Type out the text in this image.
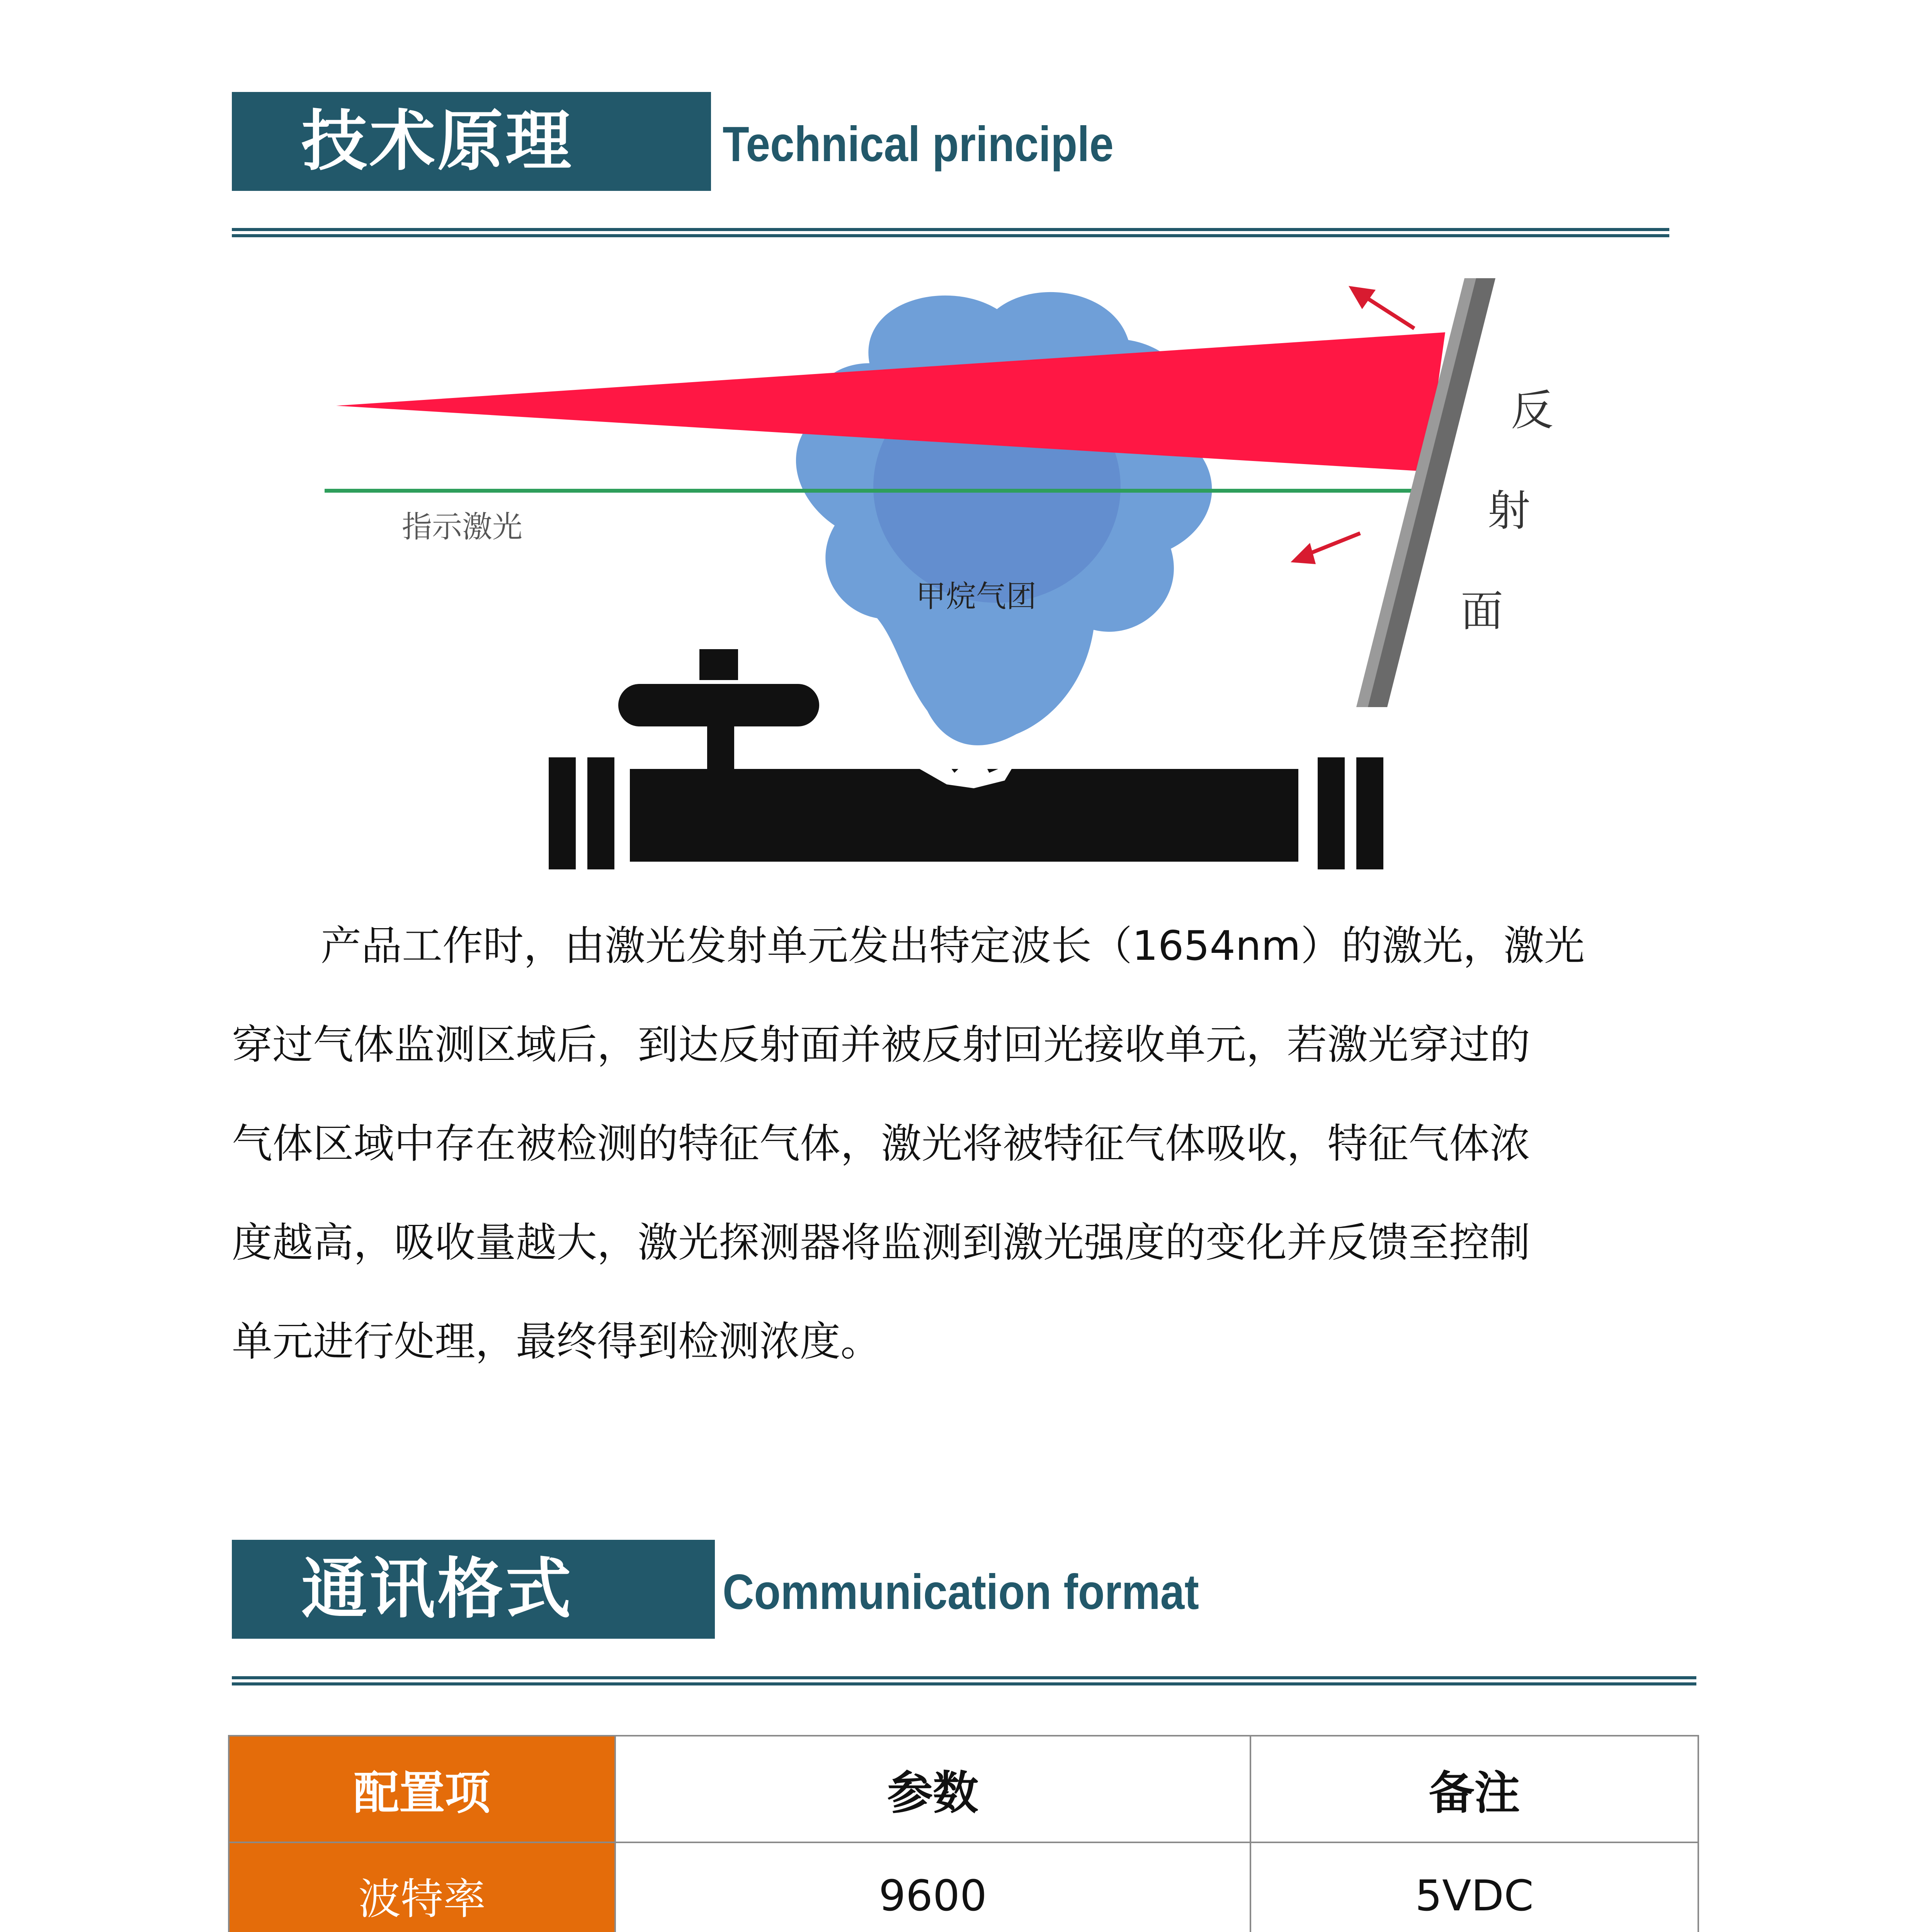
技术原理	Technical principle
指示激光
甲烷气团
反
射
面
产品工作时，由激光发射单元发出特定波长（1654nm）的激光，激光
穿过气体监测区域后，到达反射面并被反射回光接收单元，若激光穿过的
气体区域中存在被检测的特征气体，激光将被特征气体吸收，特征气体浓
度越高，吸收量越大，激光探测器将监测到激光强度的变化并反馈至控制
单元进行处理，最终得到检测浓度。
通讯格式	Communication format
配置项	参数	备注
波特率	9600	5VDC
